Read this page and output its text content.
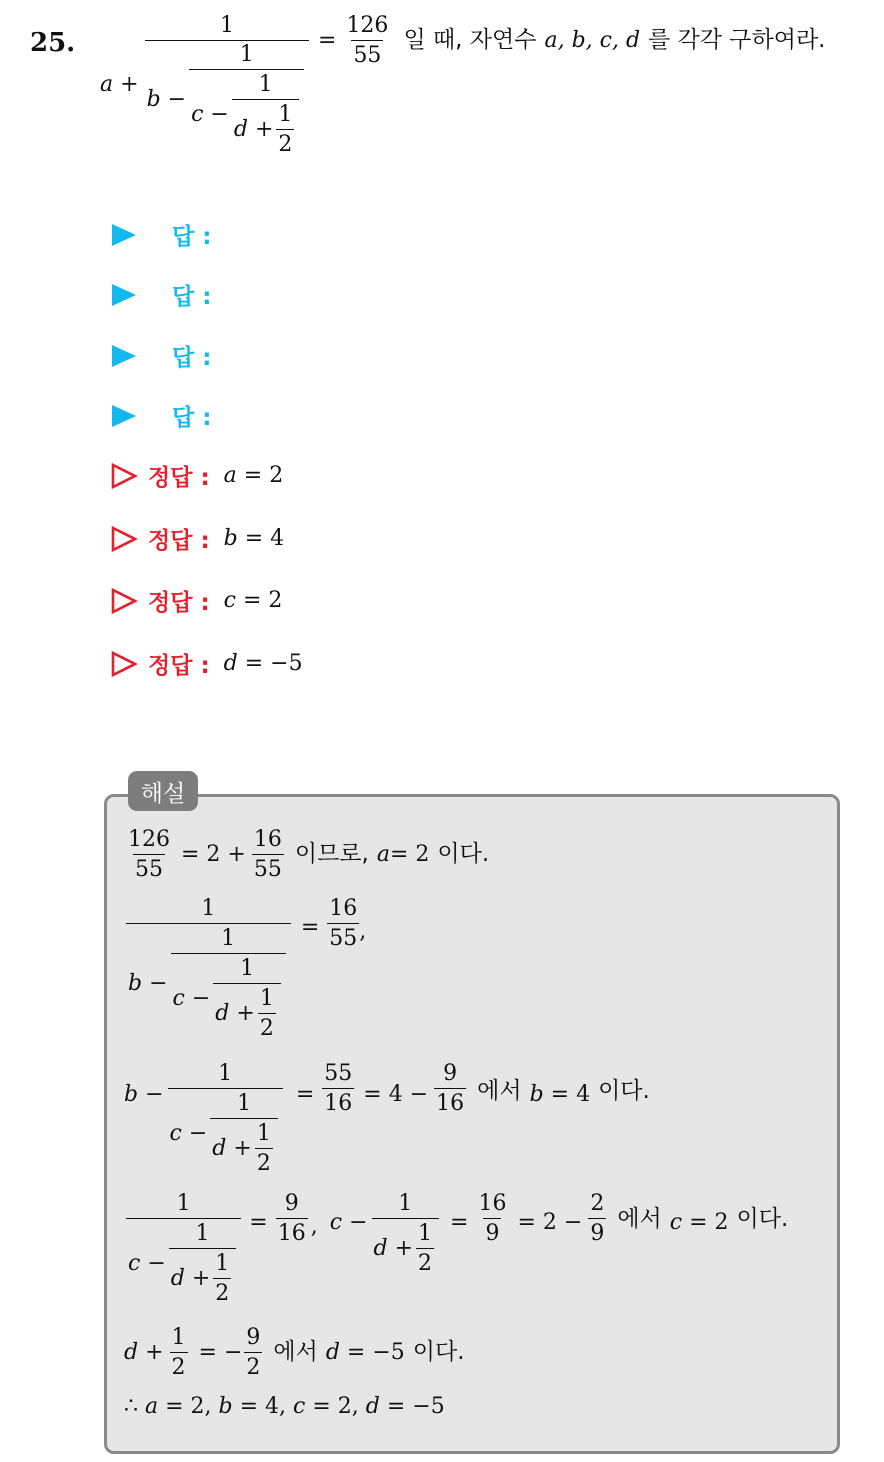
25.
a
+
1
b
−
1
c
− 1
d
+ $\frac{1}{2}$
= $\frac{126}{55}$ 일 때, 자연수 a, b, c, d 를 각각 구하여라.
답 :
답 :
답 :
답 :
정답 : a = 2
정답 : b = 4
정답 : c = 2
정답 : d = −5
해설
$\frac{126}{55} = 2 + \frac{16}{55}$ 이므로, a = 2 이다.
1
b
−
1
c
− 1
d
+ $\frac{1}{2}$
= $\frac{16}{55}$ ,
b − 1
c
− 1
d
+ $\frac{1}{2} = \frac{55}{16} = 4 - \frac{9}{16}$ 에서 b = 4 이다.
1
c
− 1
d
+ $\frac{1}{2} = \frac{9}{16}$ , c − 1
d
+ $\frac{1}{2} = \frac{16}{9} = 2 - \frac{2}{9}$ 에서 c = 2 이다.
d
+ $\frac{1}{2}$ = − $\frac{9}{2}$ 에서 d = −5 이다.
∴ a = 2, b = 4, c = 2, d = −5
